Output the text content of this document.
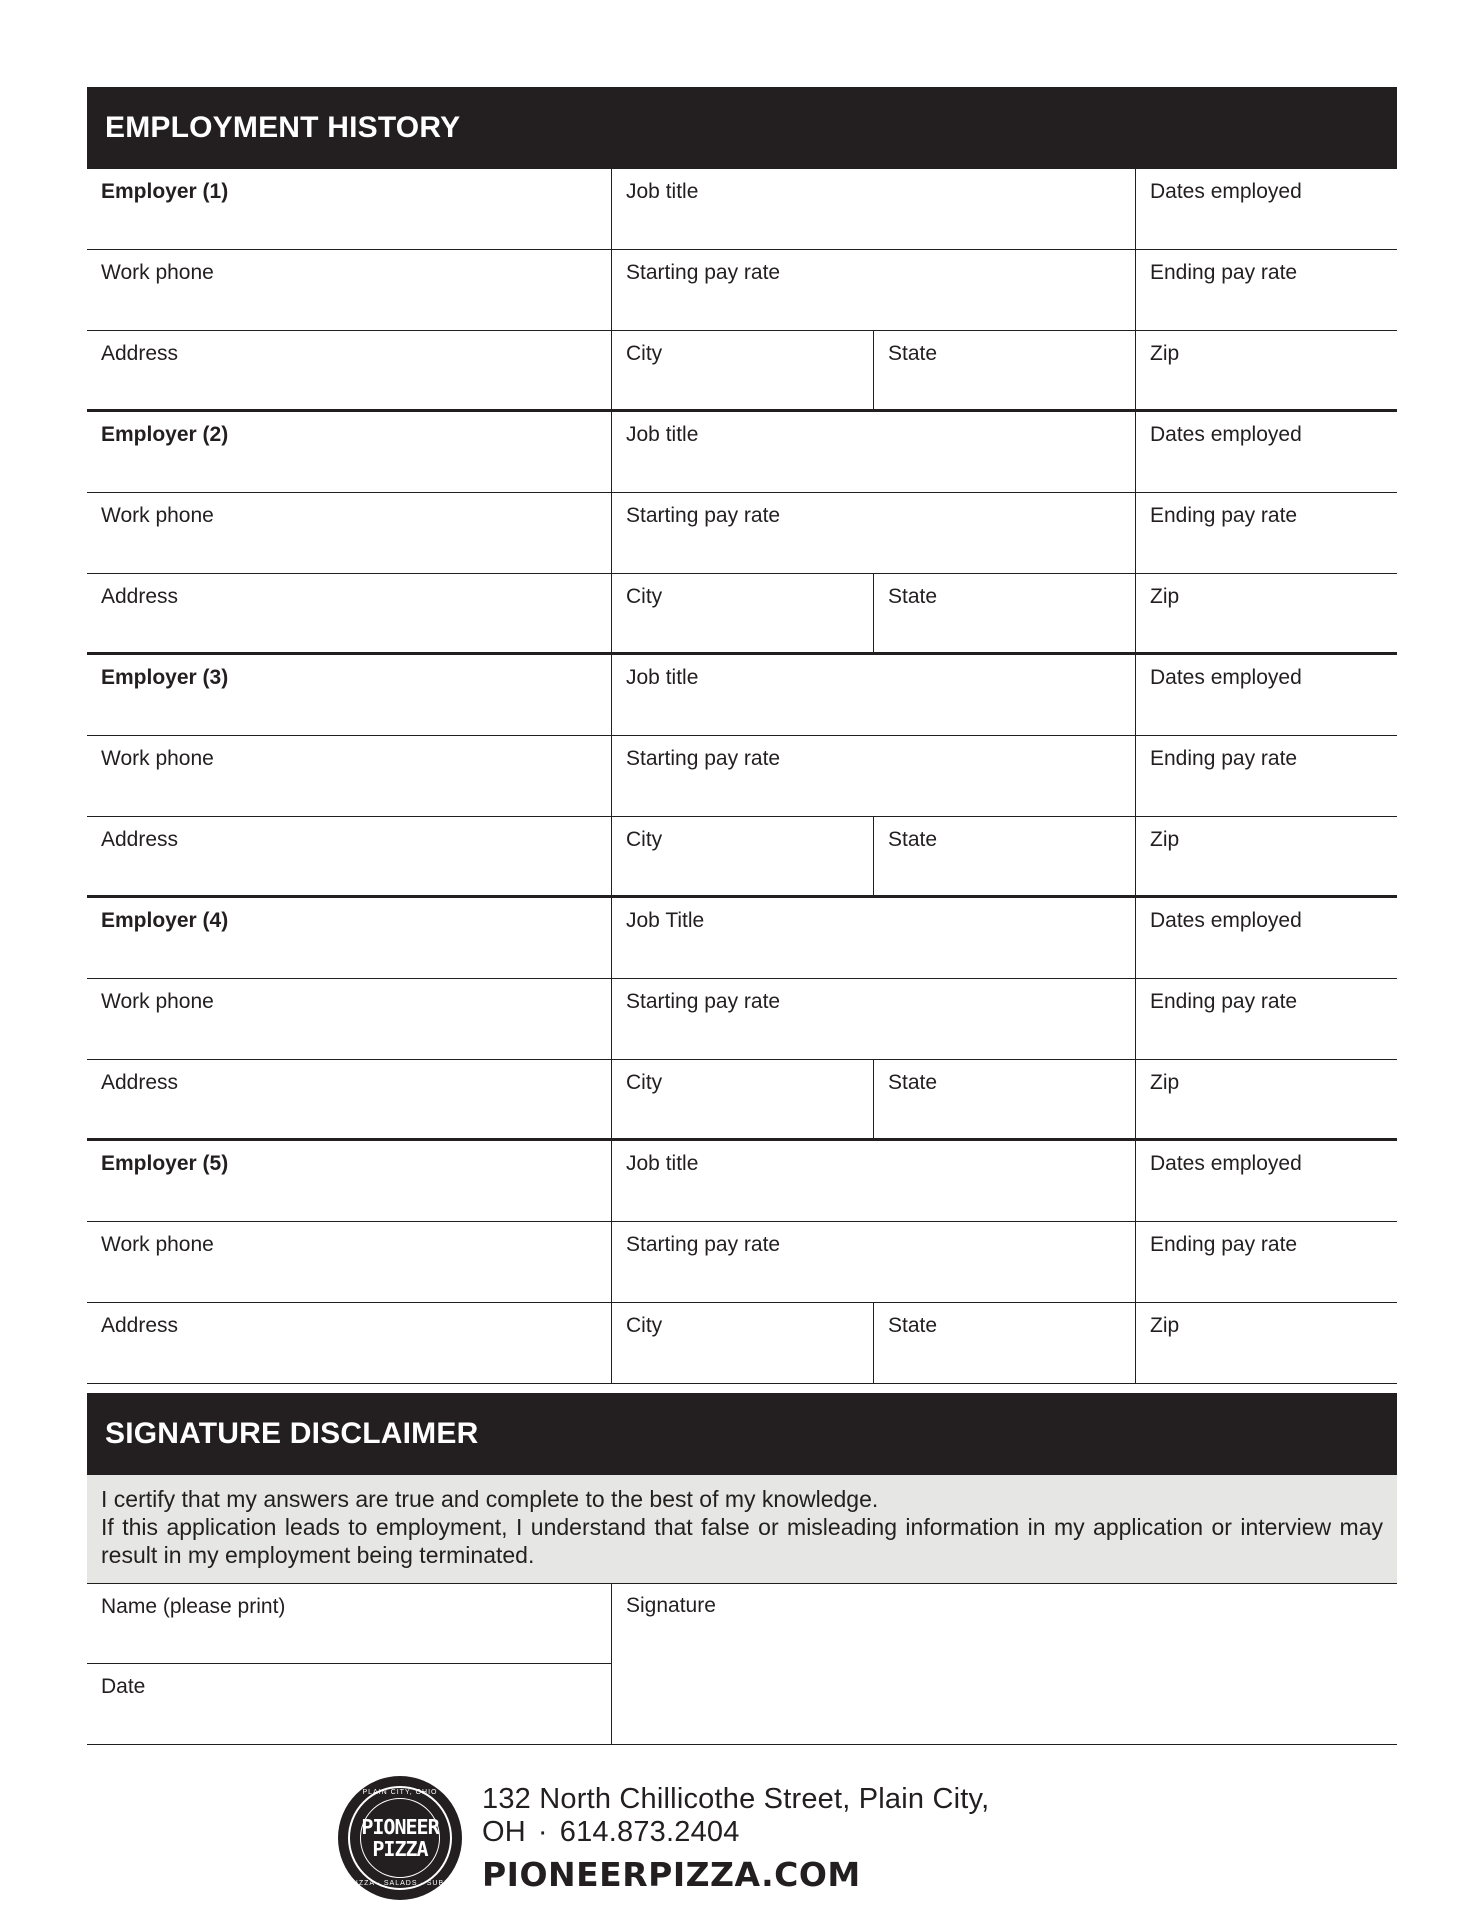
EMPLOYMENT HISTORY
Employer (1)	Job title	Dates employed
Work phone	Starting pay rate	Ending pay rate
Address	City	State	Zip
Employer (2)	Job title	Dates employed
Work phone	Starting pay rate	Ending pay rate
Address	City	State	Zip
Employer (3)	Job title	Dates employed
Work phone	Starting pay rate	Ending pay rate
Address	City	State	Zip
Employer (4)	Job Title	Dates employed
Work phone	Starting pay rate	Ending pay rate
Address	City	State	Zip
Employer (5)	Job title	Dates employed
Work phone	Starting pay rate	Ending pay rate
Address	City	State	Zip
SIGNATURE DISCLAIMER

I certify that my answers are true and complete to the best of my knowledge.

If this application leads to employment, I understand that false or misleading information in my application or interview may result in my employment being terminated.

Name (please print)
Date
Signature
PLAIN CITY, OHIO
PIONEER
PIZZA
PIZZA · SALADS · SUBS
132 North Chillicothe Street, Plain City, OH · 614.873.2404
PIONEERPIZZA.COM
